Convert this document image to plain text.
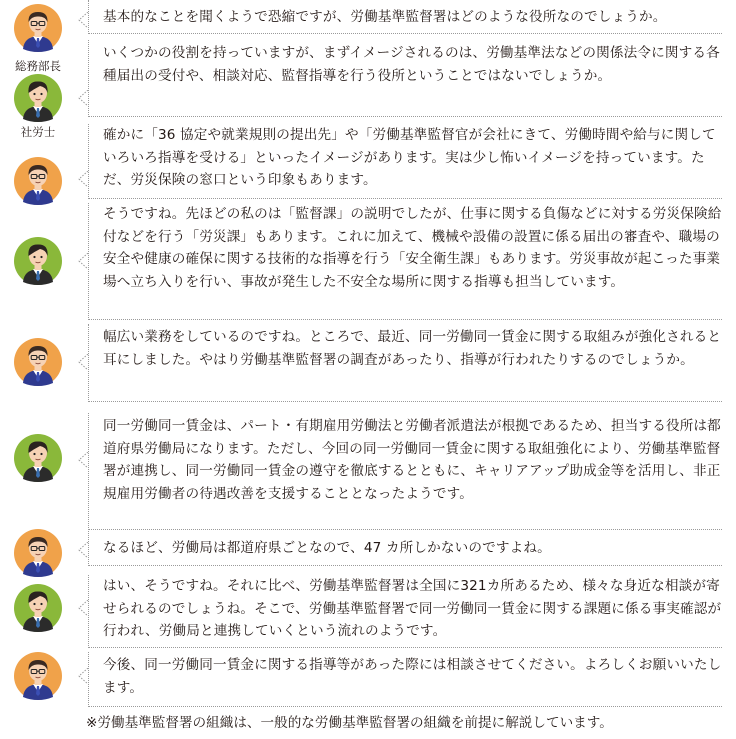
基本的なことを聞くようで恐縮ですが、労働基準監督署はどのような役所なのでしょうか。
総務部長
いくつかの役割を持っていますが、まずイメージされるのは、労働基準法などの関係法令に関する各種届出の受付や、相談対応、監督指導を行う役所ということではないでしょうか。
社労士	確かに「36 協定や就業規則の提出先」や「労働基準監督官が会社にきて、労働時間や給与に関していろいろ指導を受ける」といったイメージがあります。実は少し怖いイメージを持っています。ただ、労災保険の窓口という印象もあります。
そうですね。先ほどの私のは「監督課」の説明でしたが、仕事に関する負傷などに対する労災保険給付などを行う「労災課」もあります。これに加えて、機械や設備の設置に係る届出の審査や、職場の安全や健康の確保に関する技術的な指導を行う「安全衛生課」もあります。労災事故が起こった事業場へ立ち入りを行い、事故が発生した不安全な場所に関する指導も担当しています。
幅広い業務をしているのですね。ところで、最近、同一労働同一賃金に関する取組みが強化されると耳にしました。やはり労働基準監督署の調査があったり、指導が行われたりするのでしょうか。
同一労働同一賃金は、パート・有期雇用労働法と労働者派遣法が根拠であるため、担当する役所は都道府県労働局になります。ただし、今回の同一労働同一賃金に関する取組強化により、労働基準監督署が連携し、同一労働同一賃金の遵守を徹底するとともに、キャリアアップ助成金等を活用し、非正規雇用労働者の待遇改善を支援することとなったようです。
なるほど、労働局は都道府県ごとなので、47 カ所しかないのですよね。
はい、そうですね。それに比べ、労働基準監督署は全国に321カ所あるため、様々な身近な相談が寄せられるのでしょうね。そこで、労働基準監督署で同一労働同一賃金に関する課題に係る事実確認が行われ、労働局と連携していくという流れのようです。
今後、同一労働同一賃金に関する指導等があった際には相談させてください。よろしくお願いいたします。
※労働基準監督署の組織は、一般的な労働基準監督署の組織を前提に解説しています。
